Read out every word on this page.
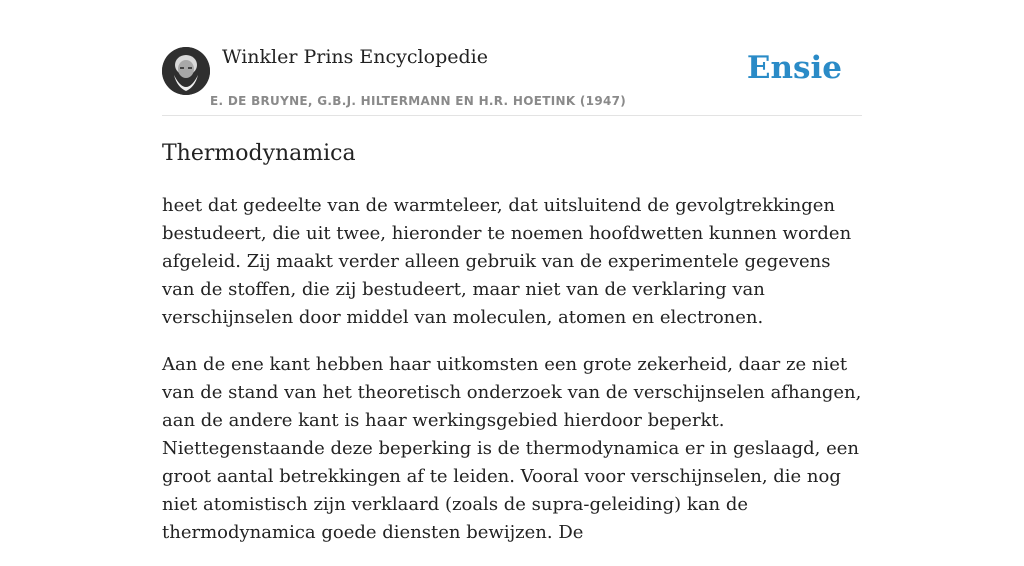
Winkler Prins Encyclopedie
E. DE BRUYNE, G.B.J. HILTERMANN EN H.R. HOETINK (1947)
Ensie
Thermodynamica

heet dat gedeelte van de warmteleer, dat uitsluitend de gevolgtrekkingen bestudeert, die uit twee, hieronder te noemen hoofdwetten kunnen worden afgeleid. Zij maakt verder alleen gebruik van de experimentele gegevens van de stoffen, die zij bestudeert, maar niet van de verklaring van verschijnselen door middel van moleculen, atomen en electronen.

Aan de ene kant hebben haar uitkomsten een grote zekerheid, daar ze niet van de stand van het theoretisch onderzoek van de verschijnselen afhangen, aan de andere kant is haar werkingsgebied hierdoor beperkt. Niettegenstaande deze beperking is de thermodynamica er in geslaagd, een groot aantal betrekkingen af te leiden. Vooral voor verschijnselen, die nog niet atomistisch zijn verklaard (zoals de supra-geleiding) kan de thermodynamica goede diensten bewijzen. De
